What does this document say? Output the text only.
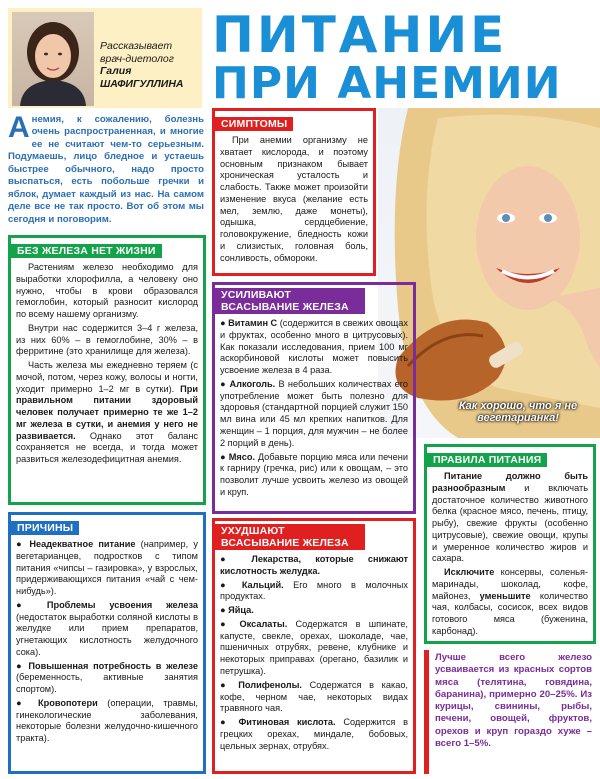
Рассказывает врач-диетолог
Галия ШАФИГУЛЛИНА
ПИТАНИЕ
ПРИ АНЕМИИ
А немия, к сожалению, болезнь очень распространенная, и многие ее не считают чем-то серьезным. Подумаешь, лицо бледное и устаешь быстрее обычного, надо просто выспаться, есть побольше гречки и яблок, думает каждый из нас. На самом деле все не так просто. Вот об этом мы сегодня и поговорим.
БЕЗ ЖЕЛЕЗА НЕТ ЖИЗНИ

Растениям железо необходимо для выработки хлорофилла, а человеку оно нужно, чтобы в крови образовался гемоглобин, который разносит кислород по всему нашему организму.

Внутри нас содержится 3–4 г железа, из них 60% – в гемоглобине, 30% – в ферритине (это хранилище для железа).

Часть железа мы ежедневно теряем (с мочой, потом, через кожу, волосы и ногти, уходит примерно 1–2 мг в сутки). При правильном питании здоровый человек получает примерно те же 1–2 мг железа в сутки, и анемия у него не развивается. Однако этот баланс сохраняется не всегда, и тогда может развиться железодефицитная анемия.

ПРИЧИНЫ
● Неадекватное питание (например, у вегетарианцев, подростков с типом питания «чипсы – газировка», у взрослых, придерживающихся питания «чай с чем-нибудь»).
● Проблемы усвоения железа (недостаток выработки соляной кислоты в желудке или прием препаратов, угнетающих кислотность желудочного сока).
● Повышенная потребность в железе (беременность, активные занятия спортом).
● Кровопотери (операции, травмы, гинекологические заболевания, некоторые болезни желудочно-кишечного тракта).
СИМПТОМЫ

При анемии организму не хватает кислорода, и поэтому основным признаком бывает хроническая усталость и слабость. Также может произойти изменение вкуса (желание есть мел, землю, даже монеты), одышка, сердцебиение, головокружение, бледность кожи и слизистых, головная боль, сонливость, обмороки.

Как хорошо, что я не вегетарианка!
УСИЛИВАЮТ ВСАСЫВАНИЕ ЖЕЛЕЗА
● Витамин С (содержится в свежих овощах и фруктах, особенно много в цитрусовых). Как показали исследования, прием 100 мг аскорбиновой кислоты может повысить усвоение железа в 4 раза.
● Алкоголь. В небольших количествах его употребление может быть полезно для здоровья (стандартной порцией служит 150 мл вина или 45 мл крепких напитков. Для женщин – 1 порция, для мужчин – не более 2 порций в день).
● Мясо. Добавьте порцию мяса или печени к гарниру (гречка, рис) или к овощам, – это позволит лучше усвоить железо из овощей и круп.
УХУДШАЮТ ВСАСЫВАНИЕ ЖЕЛЕЗА
● Лекарства, которые снижают кислотность желудка.
● Кальций. Его много в молочных продуктах.
● Яйца.
● Оксалаты. Содержатся в шпинате, капусте, свекле, орехах, шоколаде, чае, пшеничных отрубях, ревене, клубнике и некоторых приправах (орегано, базилик и петрушка).
● Полифенолы. Содержатся в какао, кофе, черном чае, некоторых видах травяного чая.
● Фитиновая кислота. Содержится в грецких орехах, миндале, бобовых, цельных зернах, отрубях.
ПРАВИЛА ПИТАНИЯ

Питание должно быть разнообразным и включать достаточное количество животного белка (красное мясо, печень, птицу, рыбу), свежие фрукты (особенно цитрусовые), свежие овощи, крупы и умеренное количество жиров и сахара.

Исключите консервы, соленья-маринады, шоколад, кофе, майонез, уменьшите количество чая, колбасы, сосисок, всех видов готового мяса (буженина, карбонад).

Лучше всего железо усваивается из красных сортов мяса (телятина, говядина, баранина), примерно 20–25%. Из курицы, свинины, рыбы, печени, овощей, фруктов, орехов и круп гораздо хуже – всего 1–5%.
